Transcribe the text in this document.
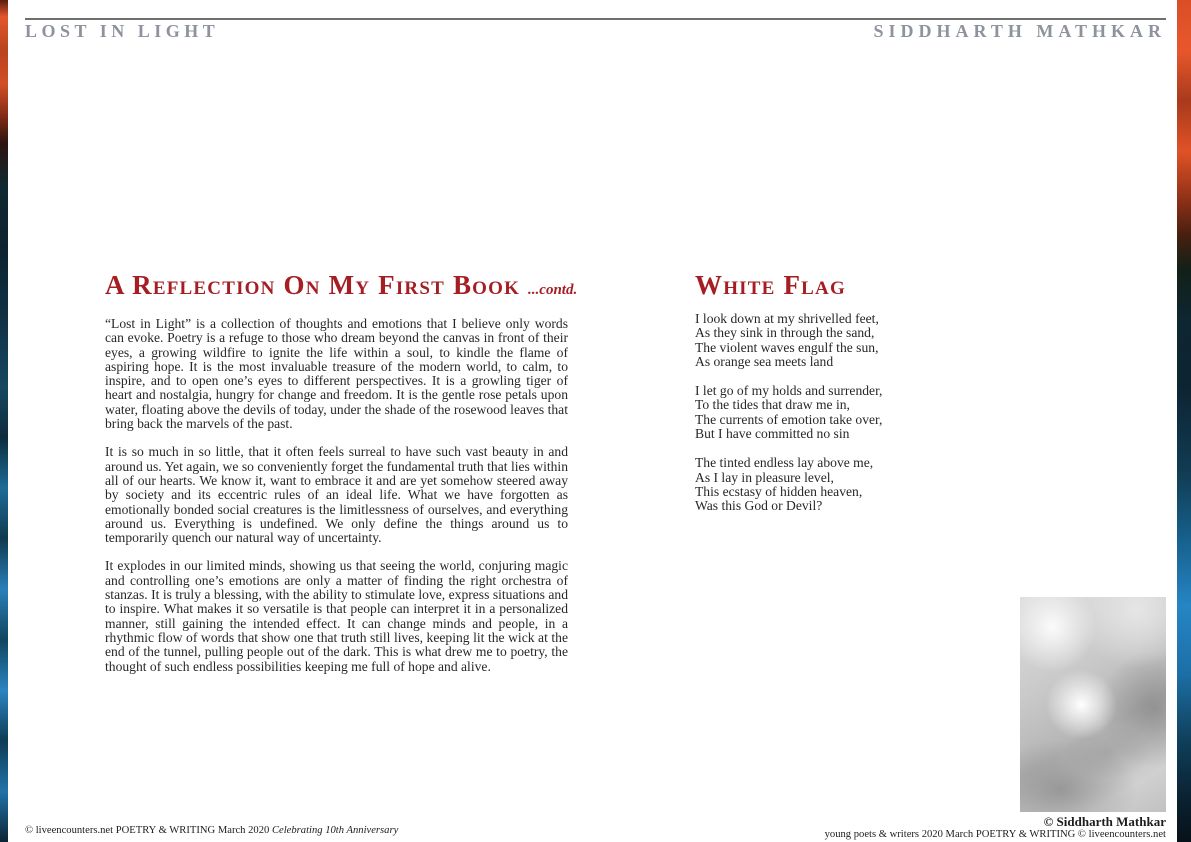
LOST IN LIGHT	SIDDHARTH MATHKAR
A Reflection On My First Book ...contd.

“Lost in Light” is a collection of thoughts and emotions that I believe only words can evoke. Poetry is a refuge to those who dream beyond the canvas in front of their eyes, a growing wildfire to ignite the life within a soul, to kindle the flame of aspiring hope. It is the most invaluable treasure of the modern world, to calm, to inspire, and to open one’s eyes to different perspectives. It is a growling tiger of heart and nostalgia, hungry for change and freedom. It is the gentle rose petals upon water, floating above the devils of today, under the shade of the rosewood leaves that bring back the marvels of the past.

It is so much in so little, that it often feels surreal to have such vast beauty in and around us. Yet again, we so conveniently forget the fundamental truth that lies within all of our hearts. We know it, want to embrace it and are yet somehow steered away by society and its eccentric rules of an ideal life. What we have forgotten as emotionally bonded social creatures is the limitlessness of ourselves, and everything around us. Everything is undefined. We only define the things around us to temporarily quench our natural way of uncertainty.

It explodes in our limited minds, showing us that seeing the world, conjuring magic and controlling one’s emotions are only a matter of finding the right orchestra of stanzas. It is truly a blessing, with the ability to stimulate love, express situations and to inspire. What makes it so versatile is that people can interpret it in a personalized manner, still gaining the intended effect. It can change minds and people, in a rhythmic flow of words that show one that truth still lives, keeping lit the wick at the end of the tunnel, pulling people out of the dark. This is what drew me to poetry, the thought of such endless possibilities keeping me full of hope and alive.

White Flag
I look down at my shrivelled feet,
As they sink in through the sand,
The violent waves engulf the sun,
As orange sea meets land
I let go of my holds and surrender,
To the tides that draw me in,
The currents of emotion take over,
But I have committed no sin
The tinted endless lay above me,
As I lay in pleasure level,
This ecstasy of hidden heaven,
Was this God or Devil?
© Siddharth Mathkar
© liveencounters.net POETRY & WRITING March 2020 Celebrating 10th Anniversary	young poets & writers 2020 March POETRY & WRITING © liveencounters.net
